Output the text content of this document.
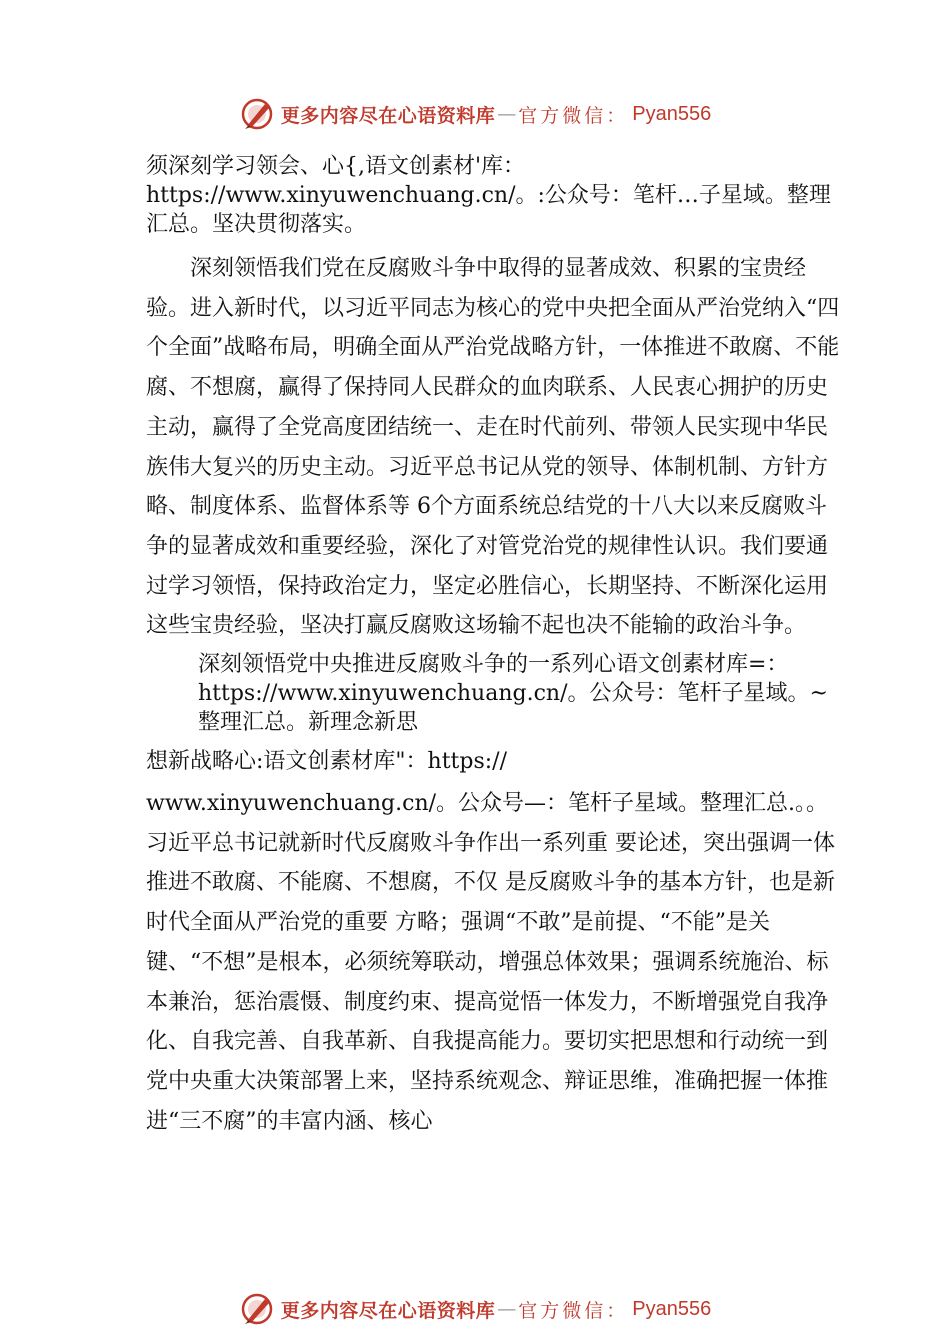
更多内容尽在心语资料库 — 官方微信： Pyan556

须深刻学习领会、心{,语文创素材'库：https://www.xinyuwenchuang.cn/。:公众号：笔杆…子星域。整理汇总。坚决贯彻落实。

深刻领悟我们党在反腐败斗争中取得的显著成效、积累的宝贵经验。进入新时代，以习近平同志为核心的党中央把全面从严治党纳入“四个全面”战略布局，明确全面从严治党战略方针，一体推进不敢腐、不能腐、不想腐，赢得了保持同人民群众的血肉联系、人民衷心拥护的历史主动，赢得了全党高度团结统一、走在时代前列、带领人民实现中华民族伟大复兴的历史主动。习近平总书记从党的领导、体制机制、方针方略、制度体系、监督体系等 6个方面系统总结党的十八大以来反腐败斗争的显著成效和重要经验，深化了对管党治党的规律性认识。我们要通过学习领悟，保持政治定力，坚定必胜信心，长期坚持、不断深化运用这些宝贵经验，坚决打赢反腐败这场输不起也决不能输的政治斗争。

深刻领悟党中央推进反腐败斗争的一系列心语文创素材库=：https://www.xinyuwenchuang.cn/。公众号：笔杆子星域。~整理汇总。新理念新思

想新战略心:语文创素材库"：https://

www.xinyuwenchuang.cn/。公众号—：笔杆子星域。整理汇总.。。习近平总书记就新时代反腐败斗争作出一系列重 要论述，突出强调一体推进不敢腐、不能腐、不想腐，不仅 是反腐败斗争的基本方针，也是新时代全面从严治党的重要 方略；强调“不敢”是前提、“不能”是关键、“不想”是根本，必须统筹联动，增强总体效果；强调系统施治、标本兼治，惩治震慑、制度约束、提高觉悟一体发力，不断增强党自我净化、自我完善、自我革新、自我提高能力。要切实把思想和行动统一到党中央重大决策部署上来，坚持系统观念、辩证思维，准确把握一体推进“三不腐”的丰富内涵、核心

更多内容尽在心语资料库 — 官方微信： Pyan556
